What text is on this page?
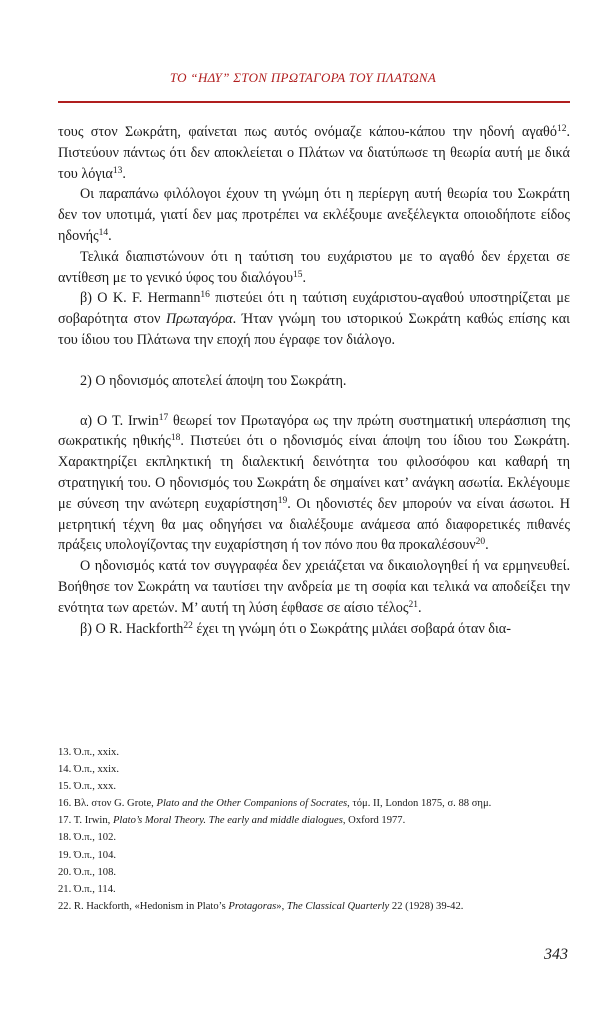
ΤΟ “ΗΔΥ” ΣΤΟΝ ΠΡΩΤΑΓΟΡΑ ΤΟΥ ΠΛΑΤΩΝΑ

τους στον Σωκράτη, φαίνεται πως αυτός ονόμαζε κάπου-κάπου την ηδονή αγαθό$^{12}$. Πιστεύουν πάντως ότι δεν αποκλείεται ο Πλάτων να διατύπωσε τη θεωρία αυτή με δικά του λόγια$^{13}$.

Οι παραπάνω φιλόλογοι έχουν τη γνώμη ότι η περίεργη αυτή θεωρία του Σωκράτη δεν τον υποτιμά, γιατί δεν μας προτρέπει να εκλέξουμε ανεξέλεγκτα οποιοδήποτε είδος ηδονής$^{14}$.

Τελικά διαπιστώνουν ότι η ταύτιση του ευχάριστου με το αγαθό δεν έρχεται σε αντίθεση με το γενικό ύφος του διαλόγου$^{15}$.

β) Ο K. F. Hermann$^{16}$ πιστεύει ότι η ταύτιση ευχάριστου-αγαθού υποστηρίζεται με σοβαρότητα στον Πρωταγόρα. Ήταν γνώμη του ιστορικού Σωκράτη καθώς επίσης και του ίδιου του Πλάτωνα την εποχή που έγραφε τον διάλογο.

2) Ο ηδονισμός αποτελεί άποψη του Σωκράτη.

α) Ο T. Irwin$^{17}$ θεωρεί τον Πρωταγόρα ως την πρώτη συστηματική υπεράσπιση της σωκρατικής ηθικής$^{18}$. Πιστεύει ότι ο ηδονισμός είναι άποψη του ίδιου του Σωκράτη. Χαρακτηρίζει εκπληκτική τη διαλεκτική δεινότητα του φιλοσόφου και καθαρή τη στρατηγική του. Ο ηδονισμός του Σωκράτη δε σημαίνει κατ’ ανάγκη ασωτία. Εκλέγουμε με σύνεση την ανώτερη ευχαρίστηση$^{19}$. Οι ηδονιστές δεν μπορούν να είναι άσωτοι. Η μετρητική τέχνη θα μας οδηγήσει να διαλέξουμε ανάμεσα από διαφορετικές πιθανές πράξεις υπολογίζοντας την ευχαρίστηση ή τον πόνο που θα προκαλέσουν$^{20}$.

Ο ηδονισμός κατά τον συγγραφέα δεν χρειάζεται να δικαιολογηθεί ή να ερμηνευθεί. Βοήθησε τον Σωκράτη να ταυτίσει την ανδρεία με τη σοφία και τελικά να αποδείξει την ενότητα των αρετών. Μ’ αυτή τη λύση έφθασε σε αίσιο τέλος$^{21}$.

β) Ο R. Hackforth$^{22}$ έχει τη γνώμη ότι ο Σωκράτης μιλάει σοβαρά όταν δια-

13. Ό.π., xxix.

14. Ό.π., xxix.

15. Ό.π., xxx.

16. Βλ. στον G. Grote, Plato and the Other Companions of Socrates, τόμ. II, London 1875, σ. 88 σημ.

17. T. Irwin, Plato’s Moral Theory. The early and middle dialogues, Oxford 1977.

18. Ό.π., 102.

19. Ό.π., 104.

20. Ό.π., 108.

21. Ό.π., 114.

22. R. Hackforth, «Hedonism in Plato’s Protagoras», The Classical Quarterly 22 (1928) 39-42.

343
